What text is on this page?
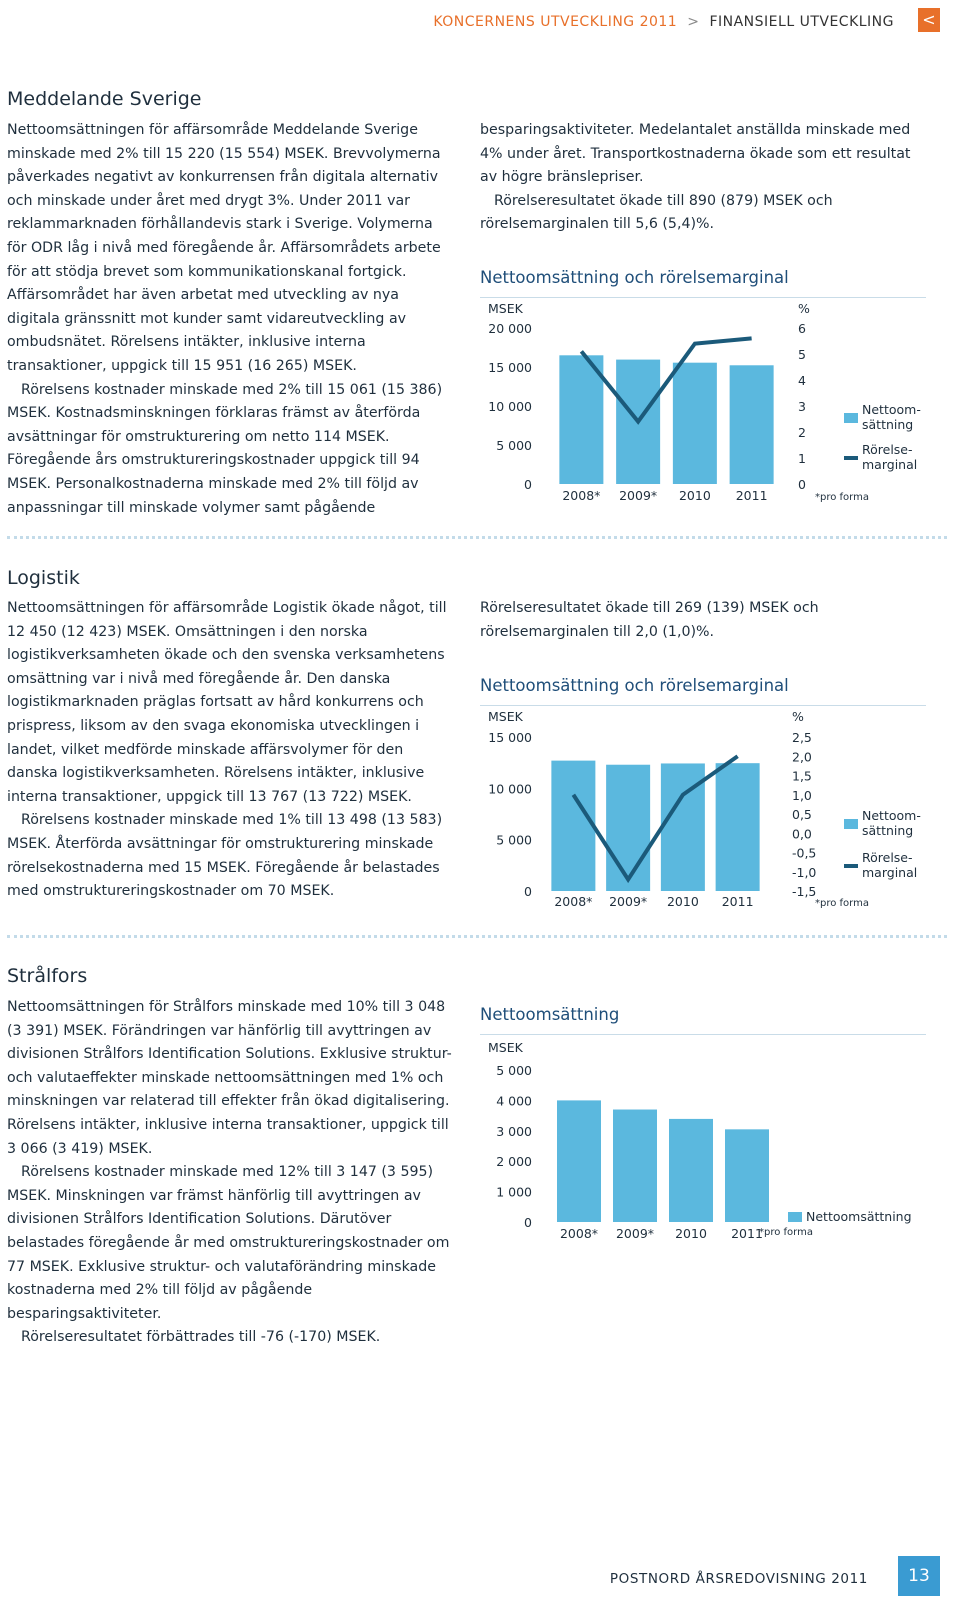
KONCERNENS UTVECKLING 2011 > FINANSIELL UTVECKLING <
Meddelande Sverige

Nettoomsättningen för affärsområde Meddelande Sverige minskade med 2% till 15 220 (15 554) MSEK. Brevvolymerna påverkades negativt av konkurrensen från digitala alternativ och minskade under året med drygt 3%. Under 2011 var reklammarknaden förhållandevis stark i Sverige. Volymerna för ODR låg i nivå med föregående år. Affärsområdets arbete för att stödja brevet som kommunikationskanal fortgick. Affärsområdet har även arbetat med utveckling av nya digitala gränssnitt mot kunder samt vidareutveckling av ombudsnätet. Rörelsens intäkter, inklusive interna transaktioner, uppgick till 15 951 (16 265) MSEK.

Rörelsens kostnader minskade med 2% till 15 061 (15 386) MSEK. Kostnadsminskningen förklaras främst av återförda avsättningar för omstrukturering om netto 114 MSEK. Föregående års omstruktureringskostnader uppgick till 94 MSEK. Personalkostnaderna minskade med 2% till följd av anpassningar till minskade volymer samt pågående

besparingsaktiviteter. Medelantalet anställda minskade med 4% under året. Transportkostnaderna ökade som ett resultat av högre bränslepriser.

Rörelseresultatet ökade till 890 (879) MSEK och rörelsemarginalen till 5,6 (5,4)%.

Nettoomsättning och rörelsemarginal
MSEK
0
5 000
10 000
15 000
20 000
2008* 2009* 2010 2011
%
0
1
2
3
4
5
6
Nettoom-
sättning
Rörelse-
marginal
*pro forma
Logistik

Nettoomsättningen för affärsområde Logistik ökade något, till 12 450 (12 423) MSEK. Omsättningen i den norska logistikverksamheten ökade och den svenska verksamhetens omsättning var i nivå med föregående år. Den danska logistikmarknaden präglas fortsatt av hård konkurrens och prispress, liksom av den svaga ekonomiska utvecklingen i landet, vilket medförde minskade affärsvolymer för den danska logistikverksamheten. Rörelsens intäkter, inklusive interna transaktioner, uppgick till 13 767 (13 722) MSEK.

Rörelsens kostnader minskade med 1% till 13 498 (13 583) MSEK. Återförda avsättningar för omstrukturering minskade rörelsekostnaderna med 15 MSEK. Föregående år belastades med omstruktureringskostnader om 70 MSEK.

Rörelseresultatet ökade till 269 (139) MSEK och rörelsemarginalen till 2,0 (1,0)%.

Nettoomsättning och rörelsemarginal
MSEK
0
5 000
10 000
15 000
2008* 2009* 2010 2011
%
-1,5
-1,0
-0,5
0,0
0,5
1,0
1,5
2,0
2,5
Nettoom-
sättning
Rörelse-
marginal
*pro forma
Strålfors

Nettoomsättningen för Strålfors minskade med 10% till 3 048 (3 391) MSEK. Förändringen var hänförlig till avyttringen av divisionen Strålfors Identification Solutions. Exklusive struktur- och valutaeffekter minskade nettoomsättningen med 1% och minskningen var relaterad till effekter från ökad digitalisering. Rörelsens intäkter, inklusive interna transaktioner, uppgick till 3 066 (3 419) MSEK.

Rörelsens kostnader minskade med 12% till 3 147 (3 595) MSEK. Minskningen var främst hänförlig till avyttringen av divisionen Strålfors Identification Solutions. Därutöver belastades föregående år med omstruktureringskostnader om 77 MSEK. Exklusive struktur- och valutaförändring minskade kostnaderna med 2% till följd av pågående besparingsaktiviteter.

Rörelseresultatet förbättrades till -76 (-170) MSEK.

Nettoomsättning
MSEK
0
1 000
2 000
3 000
4 000
5 000
2008* 2009* 2010 2011
Nettoomsättning
*pro forma
POSTNORD ÅRSREDOVISNING 2011	13
